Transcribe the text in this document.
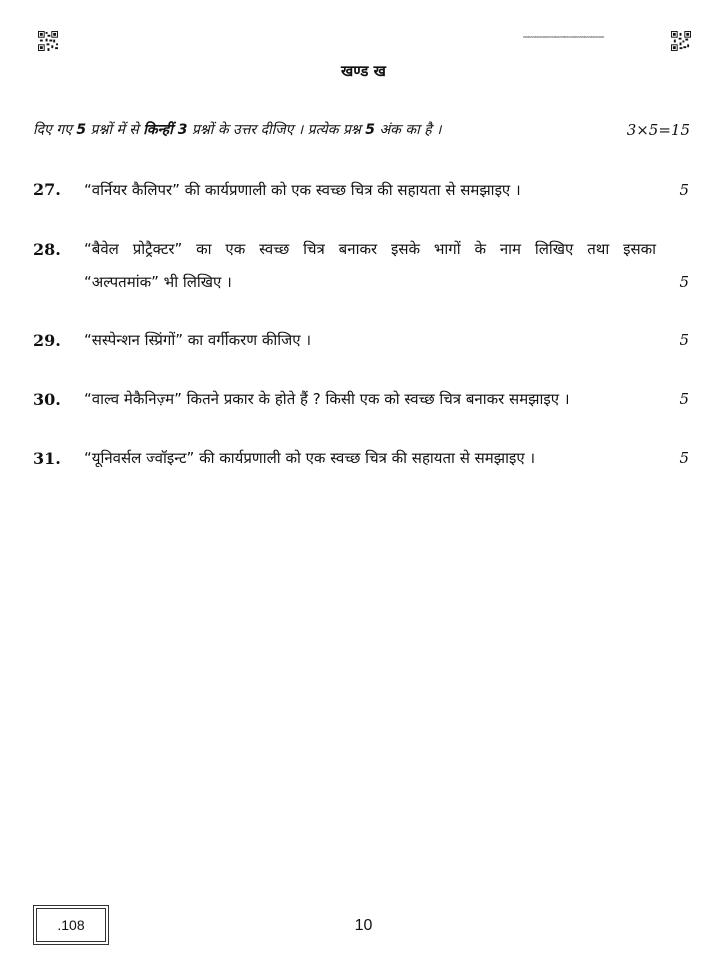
ИИИИИИИИИИИИИИИИИИИИИИИИИИИИИИИИИИИИИИИИИИИИИ
खण्ड ख
दिए गए 5 प्रश्नों में से किन्हीं 3 प्रश्नों के उत्तर दीजिए । प्रत्येक प्रश्न 5 अंक का है ।	3×5=15
27. “वर्नियर कैलिपर” की कार्यप्रणाली को एक स्वच्छ चित्र की सहायता से समझाइए ।	5
28. “बैवेल प्रोट्रैक्टर” का एक स्वच्छ चित्र बनाकर इसके भागों के नाम लिखिए तथा इसका
“अल्पतमांक” भी लिखिए ।	5
29. “सस्पेन्शन स्प्रिंगों” का वर्गीकरण कीजिए ।	5
30. “वाल्व मेकैनिज़्म” कितने प्रकार के होते हैं ? किसी एक को स्वच्छ चित्र बनाकर समझाइए ।	5
31. “यूनिवर्सल ज्वॉइन्ट” की कार्यप्रणाली को एक स्वच्छ चित्र की सहायता से समझाइए ।	5
.108	10
